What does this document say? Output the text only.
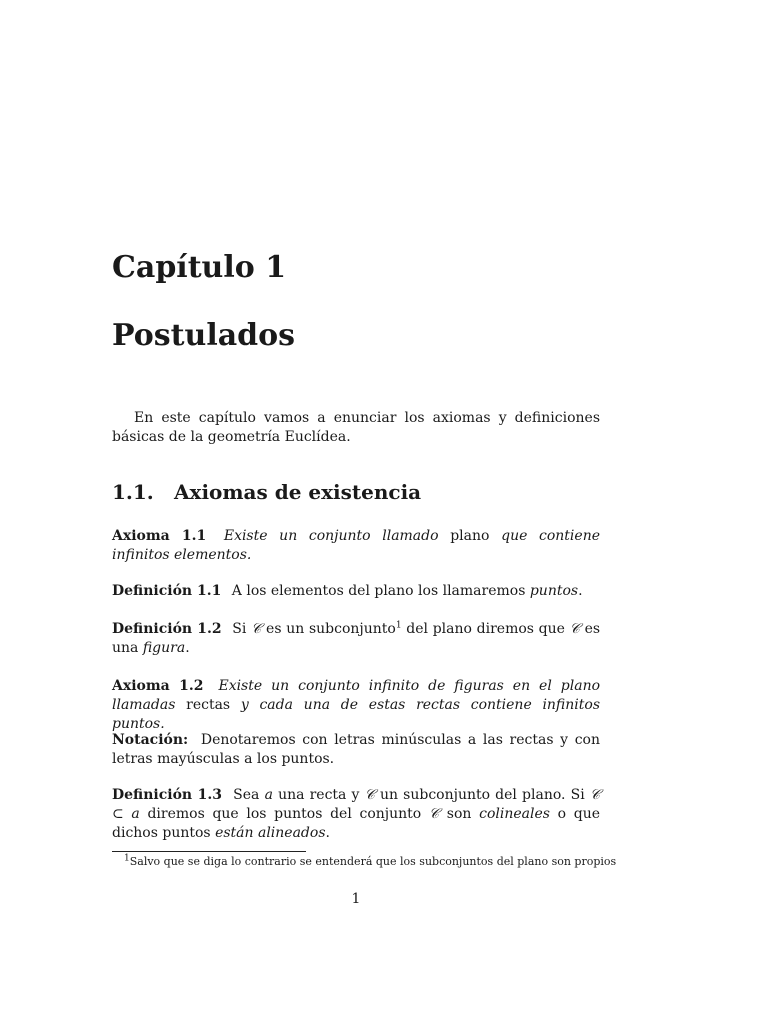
Capítulo 1
Postulados

En este capítulo vamos a enunciar los axiomas y definiciones básicas de la geometría Euclídea.

1.1. Axiomas de existencia

Axioma 1.1 Existe un conjunto llamado plano que contiene infinitos elementos.

Definición 1.1 A los elementos del plano los llamaremos puntos.

Definición 1.2 Si 𝒞 es un subconjunto$^1$ del plano diremos que 𝒞 es una figura.

Axioma 1.2 Existe un conjunto infinito de figuras en el plano llamadas rectas y cada una de estas rectas contiene infinitos puntos.

Notación: Denotaremos con letras minúsculas a las rectas y con letras mayúsculas a los puntos.

Definición 1.3 Sea a una recta y 𝒞 un subconjunto del plano. Si 𝒞 ⊂ a diremos que los puntos del conjunto 𝒞 son colineales o que dichos puntos están alineados.

$^1$Salvo que se diga lo contrario se entenderá que los subconjuntos del plano son propios
1
